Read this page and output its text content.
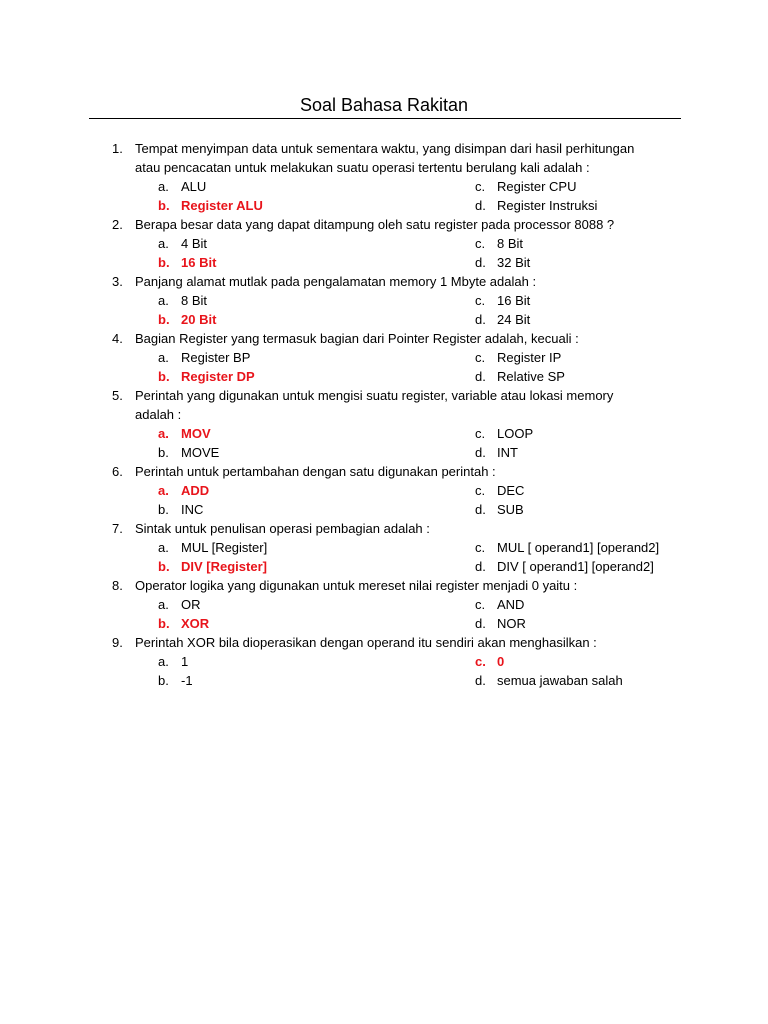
Soal Bahasa Rakitan
1. Tempat menyimpan data untuk sementara waktu, yang disimpan dari hasil perhitungan
atau pencacatan untuk melakukan suatu operasi tertentu berulang kali adalah :
a. ALU	c. Register CPU
b. Register ALU	d. Register Instruksi
2. Berapa besar data yang dapat ditampung oleh satu register pada processor 8088 ?
a. 4 Bit	c. 8 Bit
b. 16 Bit	d. 32 Bit
3. Panjang alamat mutlak pada pengalamatan memory 1 Mbyte adalah :
a. 8 Bit	c. 16 Bit
b. 20 Bit	d. 24 Bit
4. Bagian Register yang termasuk bagian dari Pointer Register adalah, kecuali :
a. Register BP	c. Register IP
b. Register DP	d. Relative SP
5. Perintah yang digunakan untuk mengisi suatu register, variable atau lokasi memory
adalah :
a. MOV	c. LOOP
b. MOVE	d. INT
6. Perintah untuk pertambahan dengan satu digunakan perintah :
a. ADD	c. DEC
b. INC	d. SUB
7. Sintak untuk penulisan operasi pembagian adalah :
a. MUL [Register]	c. MUL [ operand1] [operand2]
b. DIV [Register]	d. DIV [ operand1] [operand2]
8. Operator logika yang digunakan untuk mereset nilai register menjadi 0 yaitu :
a. OR	c. AND
b. XOR	d. NOR
9. Perintah XOR bila dioperasikan dengan operand itu sendiri akan menghasilkan :
a. 1	c. 0
b. -1	d. semua jawaban salah
